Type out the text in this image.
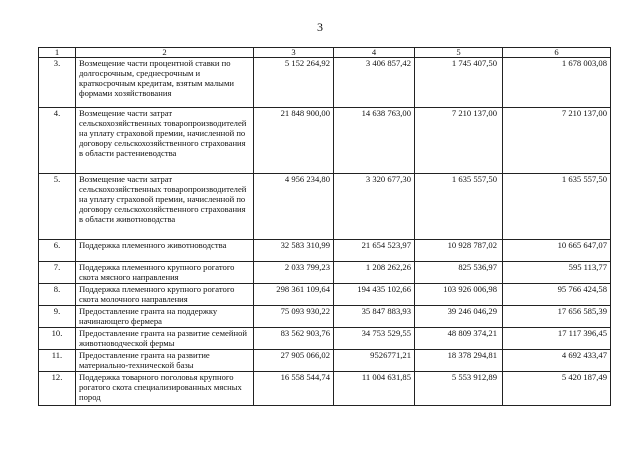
3
1	2	3	4	5	6
3.	Возмещение части процентной ставки по долгосрочным, среднесрочным и краткосрочным кредитам, взятым малыми формами хозяйствования	5 152 264,92	3 406 857,42	1 745 407,50	1 678 003,08
4.	Возмещение части затрат сельскохозяйственных товаропроизводителей на уплату страховой премии, начисленной по договору сельскохозяйственного страхования в области растениеводства	21 848 900,00	14 638 763,00	7 210 137,00	7 210 137,00
5.	Возмещение части затрат сельскохозяйственных товаропроизводителей на уплату страховой премии, начисленной по договору сельскохозяйственного страхования в области животноводства	4 956 234,80	3 320 677,30	1 635 557,50	1 635 557,50
6.	Поддержка племенного животноводства	32 583 310,99	21 654 523,97	10 928 787,02	10 665 647,07
7.	Поддержка племенного крупного рогатого скота мясного направления	2 033 799,23	1 208 262,26	825 536,97	595 113,77
8.	Поддержка племенного крупного рогатого скота молочного направления	298 361 109,64	194 435 102,66	103 926 006,98	95 766 424,58
9.	Предоставление гранта на поддержку начинающего фермера	75 093 930,22	35 847 883,93	39 246 046,29	17 656 585,39
10.	Предоставление гранта на развитие семейной животноводческой фермы	83 562 903,76	34 753 529,55	48 809 374,21	17 117 396,45
11.	Предоставление гранта на развитие материально-технической базы	27 905 066,02	9526771,21	18 378 294,81	4 692 433,47
12.	Поддержка товарного поголовья крупного рогатого скота специализированных мясных пород	16 558 544,74	11 004 631,85	5 553 912,89	5 420 187,49
